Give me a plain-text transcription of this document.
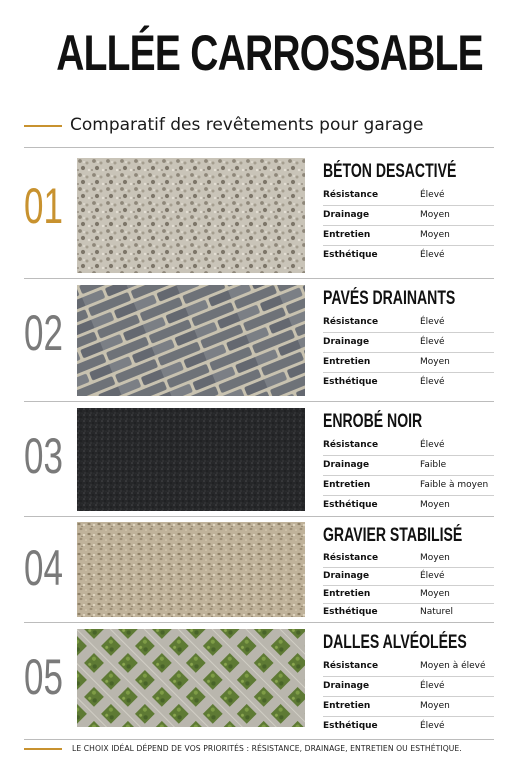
ALLÉE CARROSSABLE
Comparatif des revêtements pour garage
01
BÉTON DESACTIVÉ
Résistance	Élevé
Drainage	Moyen
Entretien	Moyen
Esthétique	Élevé
02
PAVÉS DRAINANTS
Résistance	Élevé
Drainage	Élevé
Entretien	Moyen
Esthétique	Élevé
03
ENROBÉ NOIR
Résistance	Élevé
Drainage	Faible
Entretien	Faible à moyen
Esthétique	Moyen
04
GRAVIER STABILISÉ
Résistance	Moyen
Drainage	Élevé
Entretien	Moyen
Esthétique	Naturel
05
DALLES ALVÉOLÉES
Résistance	Moyen à élevé
Drainage	Élevé
Entretien	Moyen
Esthétique	Élevé
LE CHOIX IDÉAL DÉPEND DE VOS PRIORITÉS : RÉSISTANCE, DRAINAGE, ENTRETIEN OU ESTHÉTIQUE.
